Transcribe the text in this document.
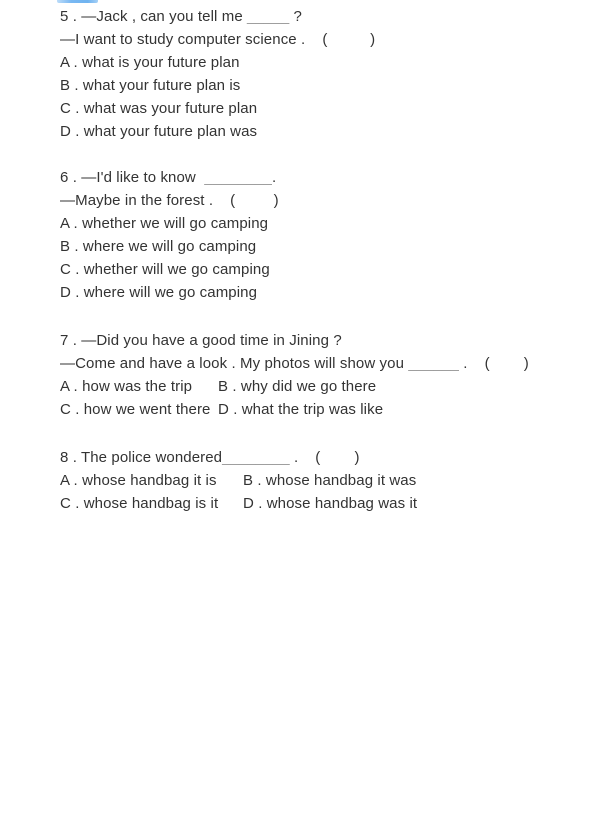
5 . —Jack , can you tell me _____ ?
—I want to study computer science .    (          )
A . what is your future plan
B . what your future plan is
C . what was your future plan
D . what your future plan was
6 . —I'd like to know  ________.
—Maybe in the forest .    (         )
A . whether we will go camping
B . where we will go camping
C . whether will we go camping
D . where will we go camping
7 . —Did you have a good time in Jining ?
—Come and have a look . My photos will show you ______ .    (        )
A . how was the trip B . why did we go there
C . how we went there D . what the trip was like
8 . The police wondered________ .    (        )
A . whose handbag it is B . whose handbag it was
C . whose handbag is it D . whose handbag was it
